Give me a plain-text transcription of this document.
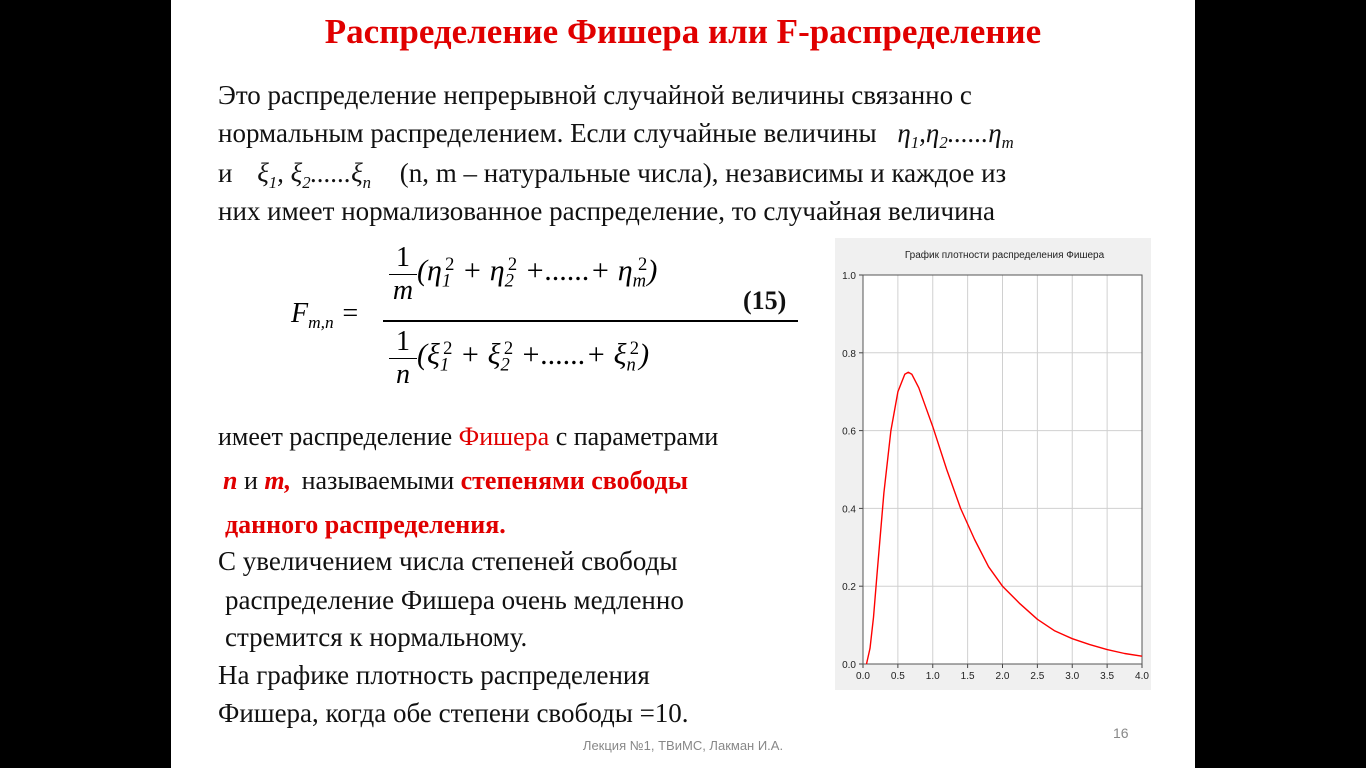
Распределение Фишера или F-распределение
Это распределение непрерывной случайной величины связанно с
нормальным распределением. Если случайные величины $\eta_1,\eta_2......\eta_m$
и $\xi_1$, $\xi_2......\xi_n$ (n, m – натуральные числа), независимы и каждое из
них имеет нормализованное распределение, то случайная величина
$F_{m,n}$ =
1
m
($\eta_1^2 + \eta_2^2$ +......+ $\eta_m^2$)
1
n
($\xi_1^2 + \xi_2^2$ +......+ $\xi_n^2$)
(15)
имеет распределение Фишера с параметрами
n и m, называемыми степенями свободы
данного распределения.
С увеличением числа степеней свободы
распределение Фишера очень медленно
стремится к нормальному.
На графике плотность распределения
Фишера, когда обе степени свободы =10.
График плотности распределения Фишера
0.0 0.5 1.0 1.5 2.0 2.5 3.0 3.5 4.0
0.0
0.2
0.4
0.6
0.8
1.0
16
Лекция №1, ТВиМС, Лакман И.А.
